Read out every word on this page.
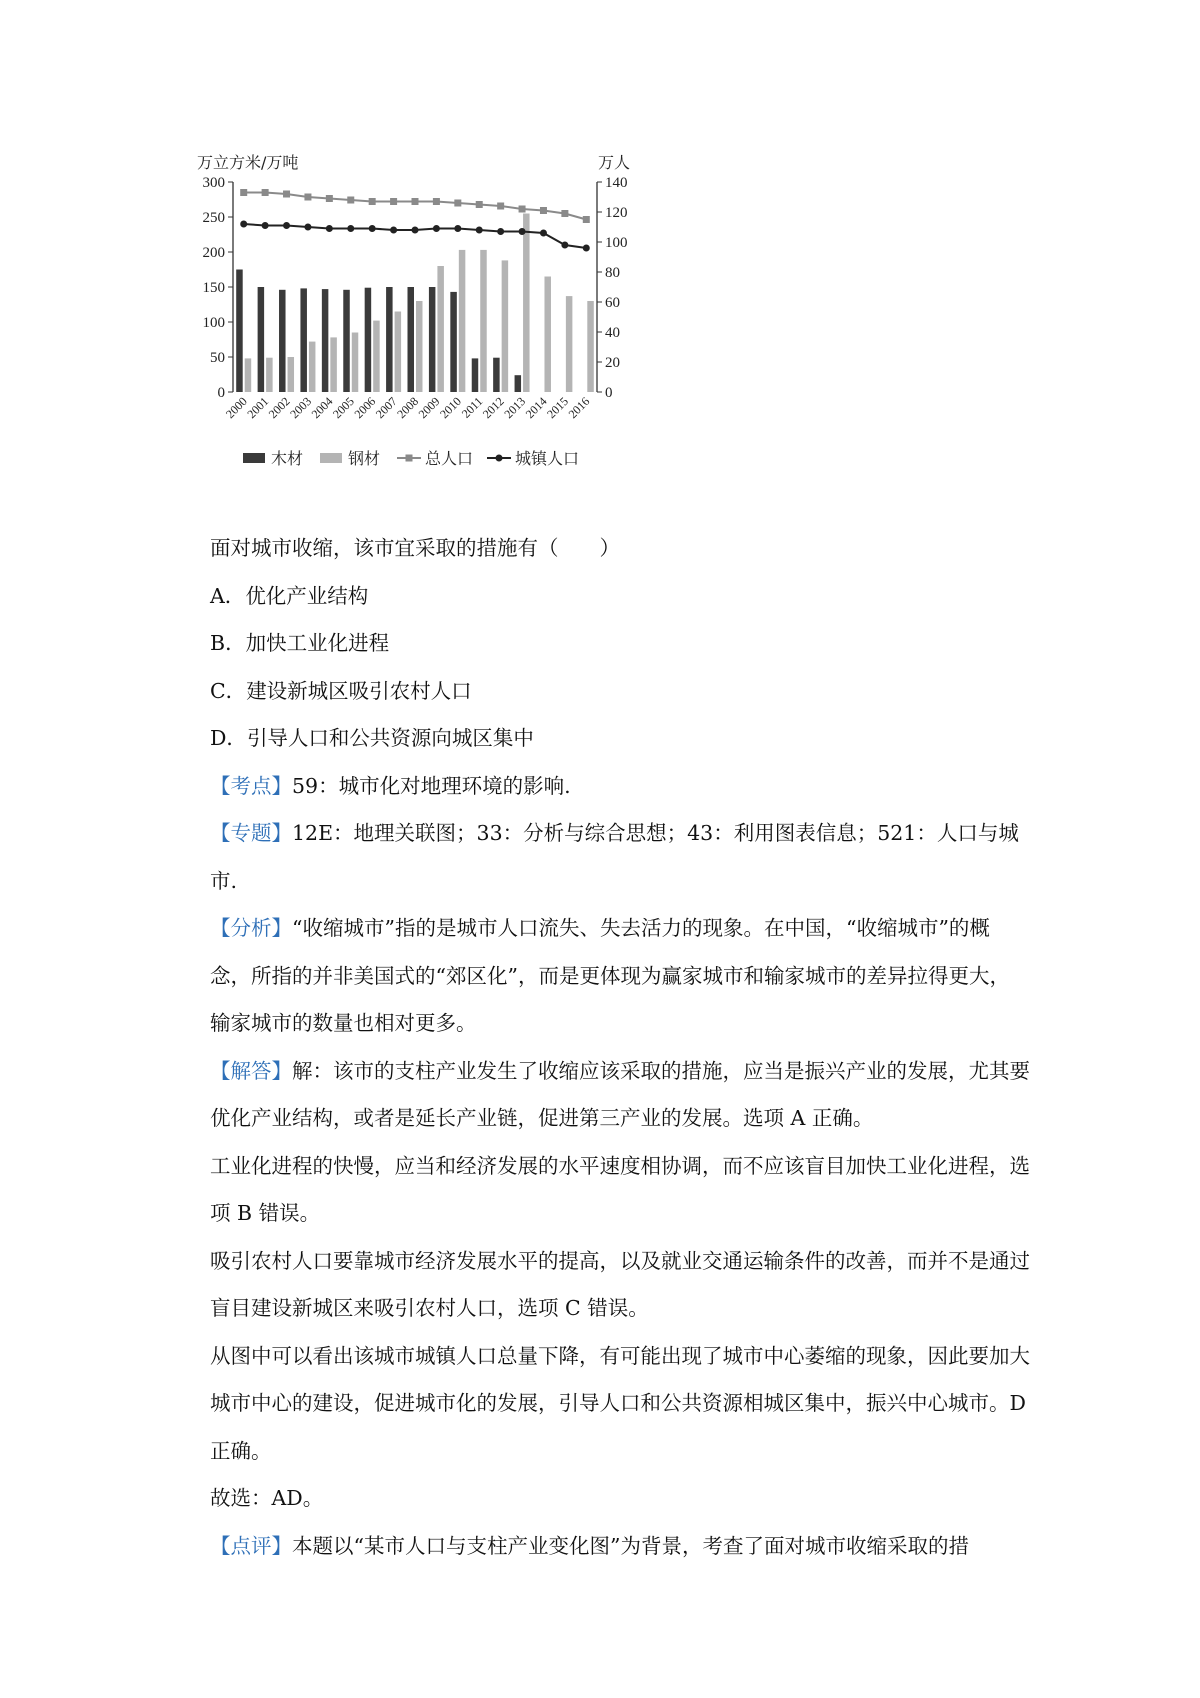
万立方米/万吨	万人
300
250
200
150
100
50
0
140
120
100
80
60
40
20
0
2000
2001
2002
2003
2004
2005
2006
2007
2008
2009
2010
2011
2012
2013
2014
2015
2016
木材	钢材	总人口	城镇人口

面对城市收缩，该市宜采取的措施有（　　）

A．优化产业结构

B．加快工业化进程

C．建设新城区吸引农村人口

D．引导人口和公共资源向城区集中

【考点】59：城市化对地理环境的影响.

【专题】12E：地理关联图；33：分析与综合思想；43：利用图表信息；521：人口与城市.

【分析】“收缩城市”指的是城市人口流失、失去活力的现象。在中国，“收缩城市”的概念，所指的并非美国式的“郊区化”，而是更体现为赢家城市和输家城市的差异拉得更大，输家城市的数量也相对更多。

【解答】解：该市的支柱产业发生了收缩应该采取的措施，应当是振兴产业的发展，尤其要优化产业结构，或者是延长产业链，促进第三产业的发展。选项 A 正确。

工业化进程的快慢，应当和经济发展的水平速度相协调，而不应该盲目加快工业化进程，选项 B 错误。

吸引农村人口要靠城市经济发展水平的提高，以及就业交通运输条件的改善，而并不是通过盲目建设新城区来吸引农村人口，选项 C 错误。

从图中可以看出该城市城镇人口总量下降，有可能出现了城市中心萎缩的现象，因此要加大城市中心的建设，促进城市化的发展，引导人口和公共资源相城区集中，振兴中心城市。D 正确。

故选：AD。

【点评】本题以“某市人口与支柱产业变化图”为背景，考查了面对城市收缩采取的措
